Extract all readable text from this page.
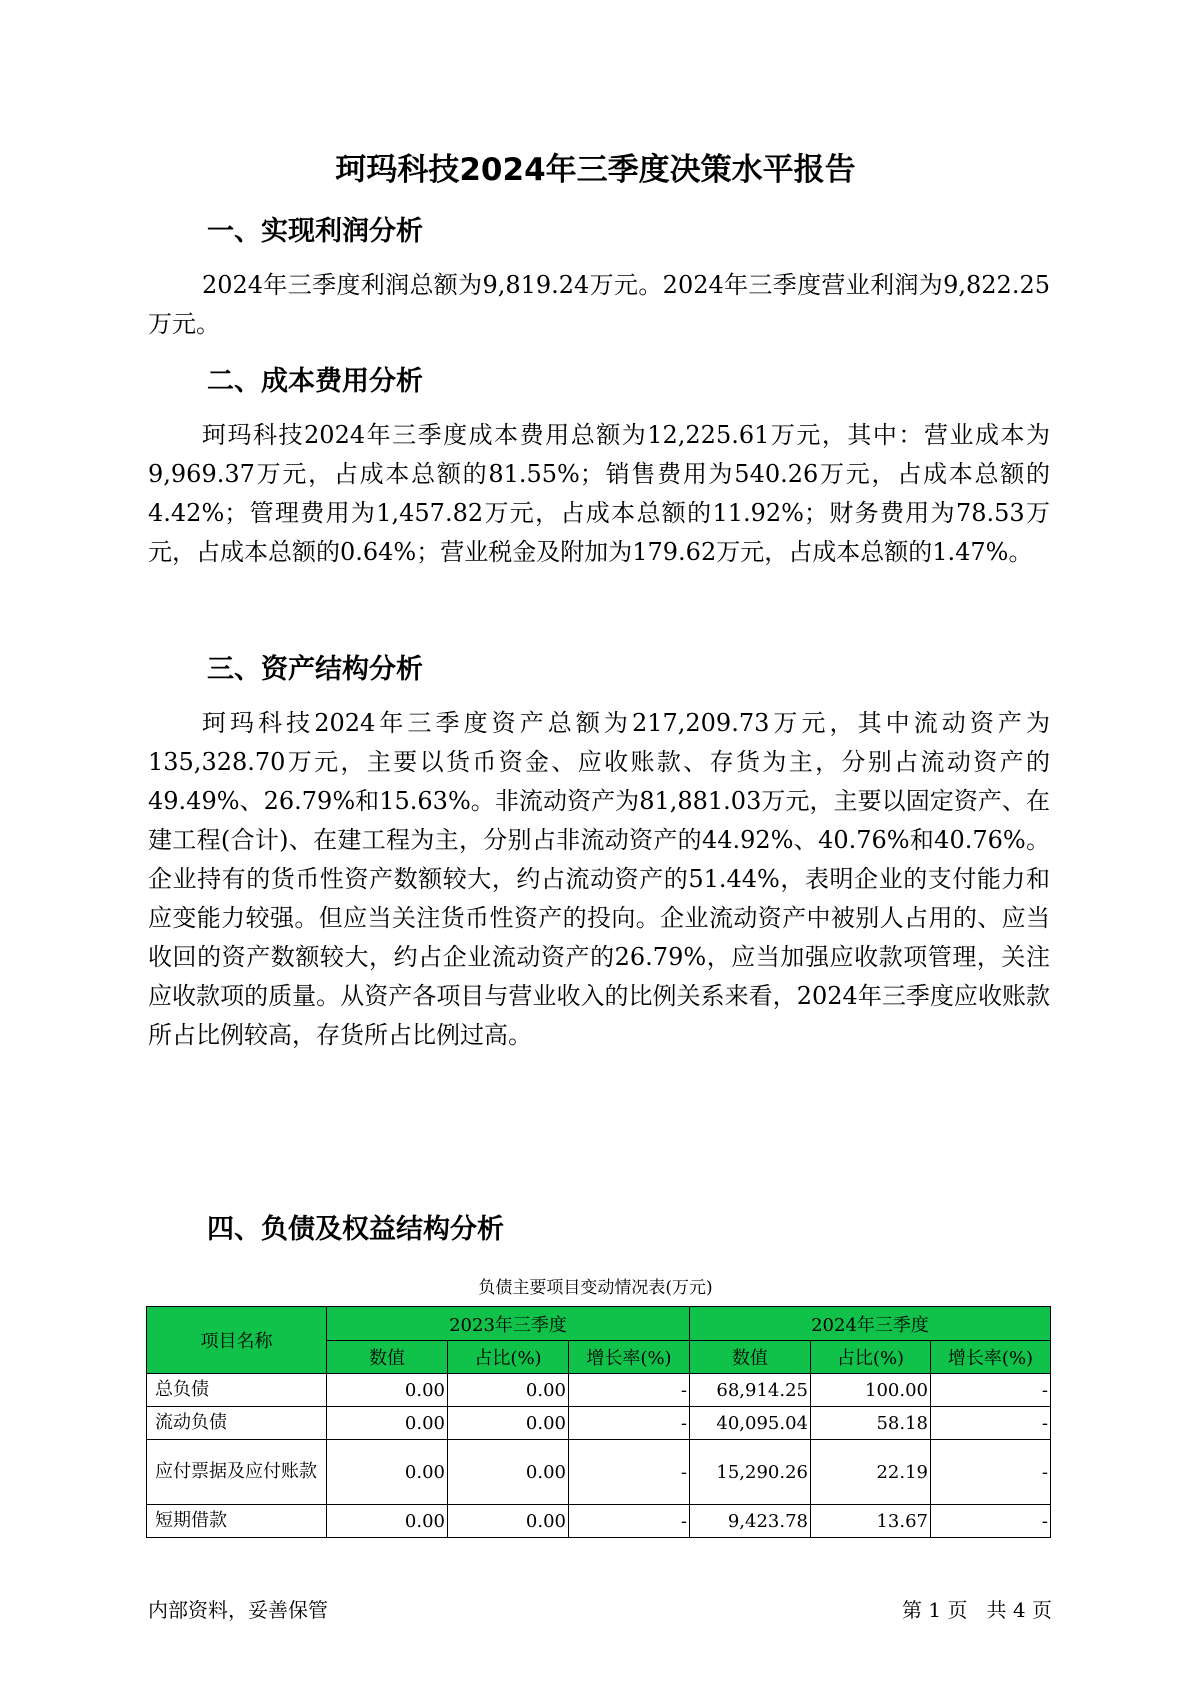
珂玛科技2024年三季度决策水平报告
一、实现利润分析

2024年三季度利润总额为9,819.24万元。2024年三季度营业利润为9,822.25万元。

二、成本费用分析

珂玛科技2024年三季度成本费用总额为12,225.61万元，其中：营业成本为9,969.37万元，占成本总额的81.55%；销售费用为540.26万元，占成本总额的4.42%；管理费用为1,457.82万元，占成本总额的11.92%；财务费用为78.53万元，占成本总额的0.64%；营业税金及附加为179.62万元，占成本总额的1.47%。

三、资产结构分析

珂玛科技2024年三季度资产总额为217,209.73万元，其中流动资产为135,328.70万元，主要以货币资金、应收账款、存货为主，分别占流动资产的49.49%、26.79%和15.63%。非流动资产为81,881.03万元，主要以固定资产、在建工程(合计)、在建工程为主，分别占非流动资产的44.92%、40.76%和40.76%。企业持有的货币性资产数额较大，约占流动资产的51.44%，表明企业的支付能力和应变能力较强。但应当关注货币性资产的投向。企业流动资产中被别人占用的、应当收回的资产数额较大，约占企业流动资产的26.79%，应当加强应收款项管理，关注应收款项的质量。从资产各项目与营业收入的比例关系来看，2024年三季度应收账款所占比例较高，存货所占比例过高。

四、负债及权益结构分析
负债主要项目变动情况表(万元)
项目名称	2023年三季度			2024年三季度		
	数值	占比(%)	增长率(%)	数值	占比(%)	增长率(%)
总负债	0.00	0.00	-	68,914.25	100.00	-
流动负债	0.00	0.00	-	40,095.04	58.18	-
应付票据及应付账款	0.00	0.00	-	15,290.26	22.19	-
短期借款	0.00	0.00	-	9,423.78	13.67	-
内部资料，妥善保管	第 1 页   共 4 页
